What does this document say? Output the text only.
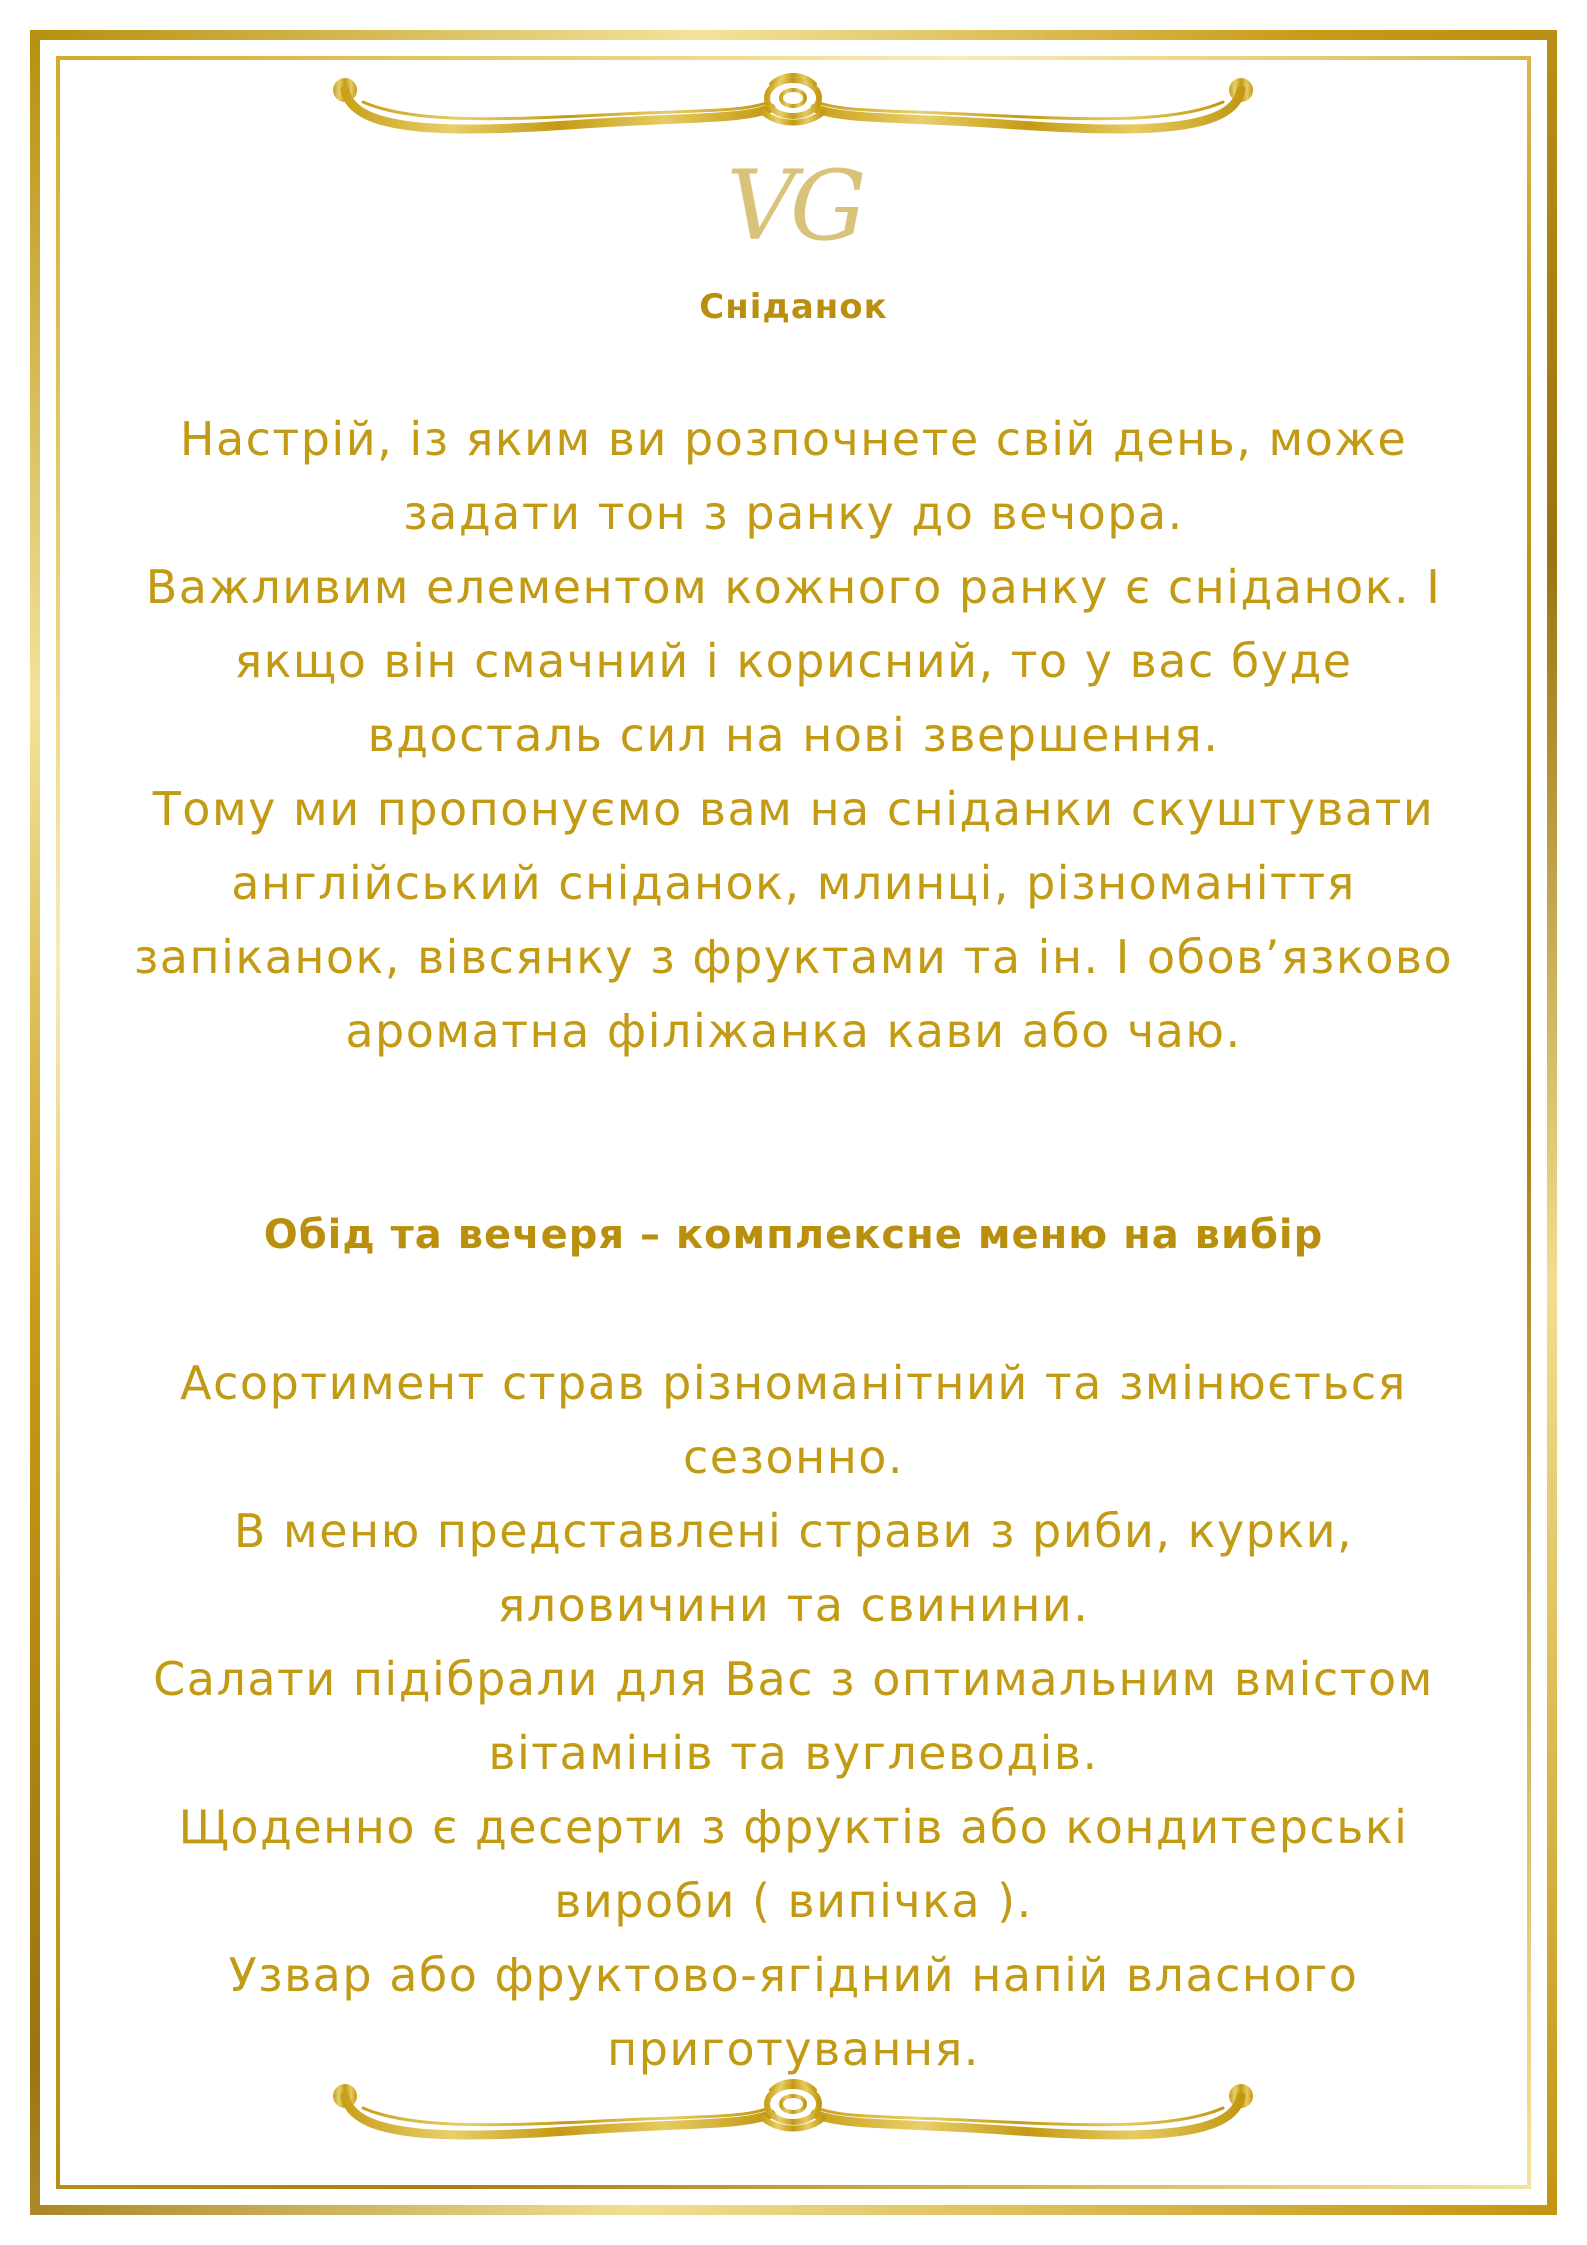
VG
Сніданок
Настрій, із яким ви розпочнете свій день, може
задати тон з ранку до вечора.
Важливим елементом кожного ранку є сніданок. І
якщо він смачний і корисний, то у вас буде
вдосталь сил на нові звершення.
Тому ми пропонуємо вам на сніданки скуштувати
англійський сніданок, млинці, різноманіття
запіканок, вівсянку з фруктами та ін. І обов’язково
ароматна філіжанка кави або чаю.
Обід та вечеря – комплексне меню на вибір
Асортимент страв різноманітний та змінюється
сезонно.
В меню представлені страви з риби, курки,
яловичини та свинини.
Салати підібрали для Вас з оптимальним вмістом
вітамінів та вуглеводів.
Щоденно є десерти з фруктів або кондитерські
вироби ( випічка ).
Узвар або фруктово-ягідний напій власного
приготування.
